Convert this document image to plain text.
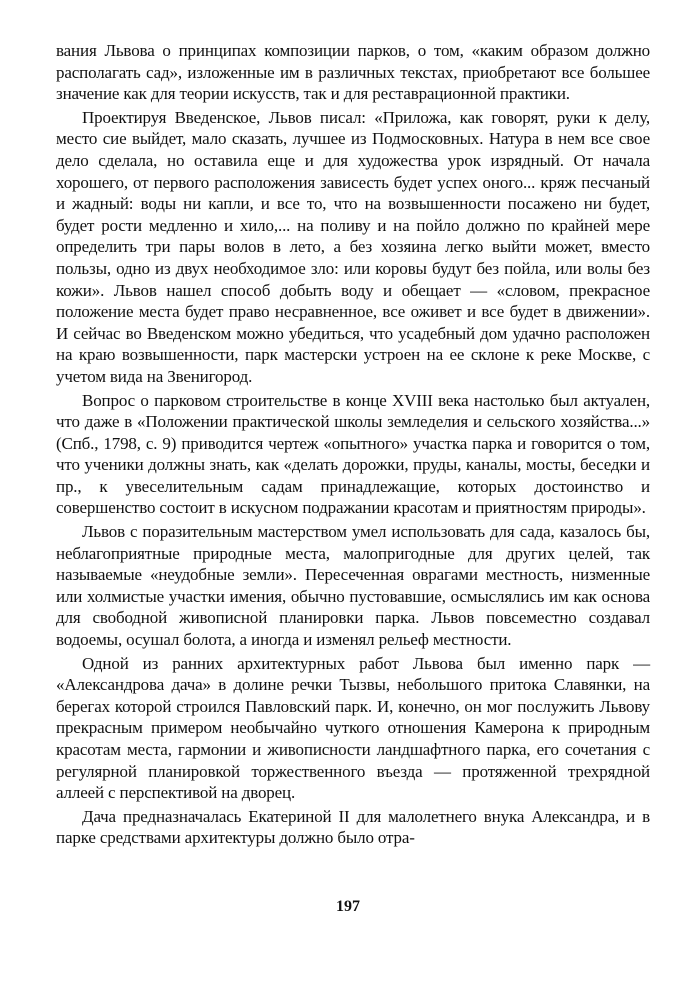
вания Львова о принципах композиции парков, о том, «каким образом должно располагать сад», изложенные им в различных текстах, приобретают все большее значение как для теории искусств, так и для реставрационной практики.

Проектируя Введенское, Львов писал: «Приложа, как говорят, руки к делу, место сие выйдет, мало сказать, лучшее из Подмосковных. Натура в нем все свое дело сделала, но оставила еще и для художества урок изрядный. От начала хорошего, от первого расположения зависесть будет успех оного... кряж песчаный и жадный: воды ни капли, и все то, что на возвышенности посажено ни будет, будет рости медленно и хило,... на поливу и на пойло должно по крайней мере определить три пары волов в лето, а без хозяина легко выйти может, вместо пользы, одно из двух необходимое зло: или коровы будут без пойла, или волы без кожи». Львов нашел способ добыть воду и обещает — «словом, прекрасное положение места будет право несравненное, все оживет и все будет в движении». И сейчас во Введенском можно убедиться, что усадебный дом удачно расположен на краю возвышенности, парк мастерски устроен на ее склоне к реке Москве, с учетом вида на Звенигород.

Вопрос о парковом строительстве в конце XVIII века настолько был актуален, что даже в «Положении практической школы земледелия и сельского хозяйства...» (Спб., 1798, с. 9) приводится чертеж «опытного» участка парка и говорится о том, что ученики должны знать, как «делать дорожки, пруды, каналы, мосты, беседки и пр., к увеселительным садам принадлежащие, которых достоинство и совершенство состоит в искусном подражании красотам и приятностям природы».

Львов с поразительным мастерством умел использовать для сада, казалось бы, неблагоприятные природные места, малопригодные для других целей, так называемые «неудобные земли». Пересеченная оврагами местность, низменные или холмистые участки имения, обычно пустовавшие, осмыслялись им как основа для свободной живописной планировки парка. Львов повсеместно создавал водоемы, осушал болота, а иногда и изменял рельеф местности.

Одной из ранних архитектурных работ Львова был именно парк — «Александрова дача» в долине речки Тызвы, небольшого притока Славянки, на берегах которой строился Павловский парк. И, конечно, он мог послужить Львову прекрасным примером необычайно чуткого отношения Камерона к природным красотам места, гармонии и живописности ландшафтного парка, его сочетания с регулярной планировкой торжественного въезда — протяженной трехрядной аллеей с перспективой на дворец.

Дача предназначалась Екатериной II для малолетнего внука Александра, и в парке средствами архитектуры должно было отра-

197
